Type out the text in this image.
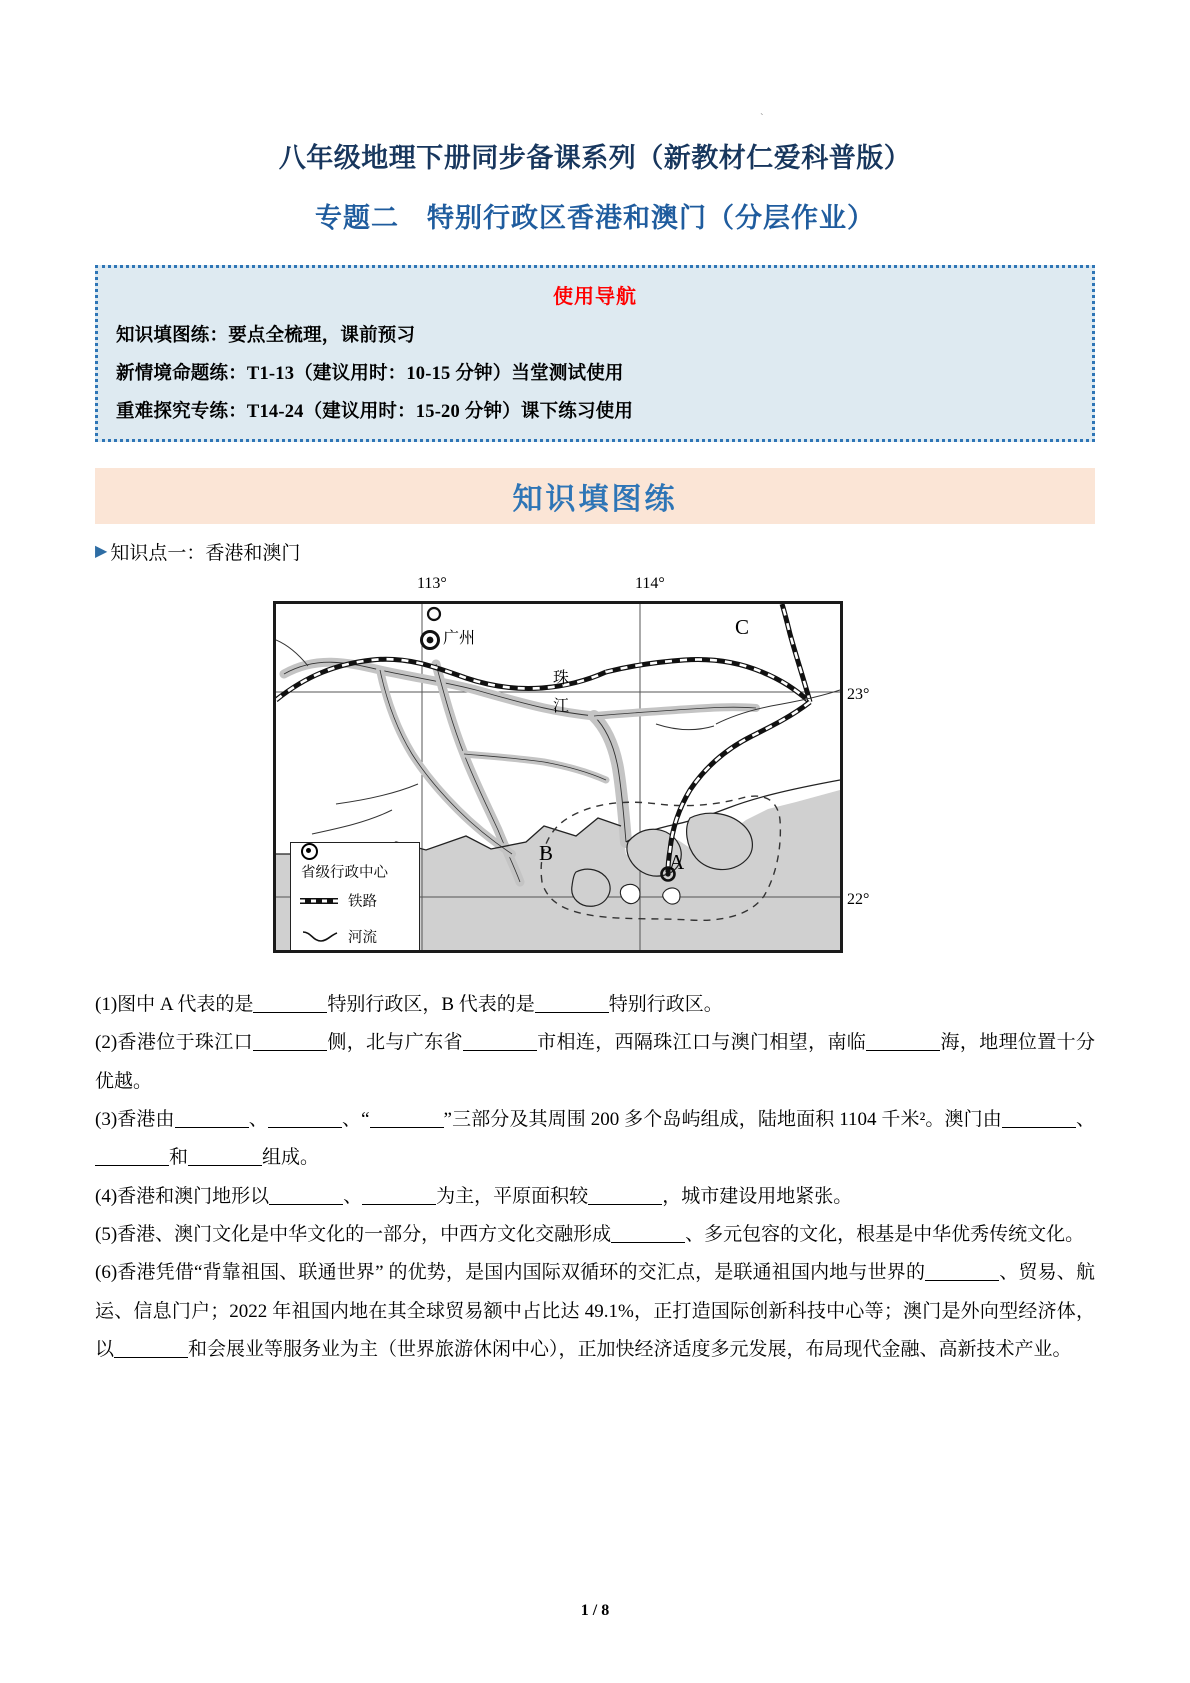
`
八年级地理下册同步备课系列（新教材仁爱科普版）
专题二　特别行政区香港和澳门（分层作业）
使用导航
知识填图练：要点全梳理，课前预习
新情境命题练：T1-13（建议用时：10-15 分钟）当堂测试使用
重难探究专练：T14-24（建议用时：15-20 分钟）课下练习使用
知识填图练
▶ 知识点一：香港和澳门
113°	114°
23°
22°
省级行政中心
铁路
河流
广州
珠
江
C
B	A

(1)图中 A 代表的是	特别行政区，B 代表的是	特别行政区。

(2)香港位于珠江口	侧，北与广东省	市相连，西隔珠江口与澳门相望，南临	海，地理位置十分优越。

(3)香港由	、	、“	”三部分及其周围 200 多个岛屿组成，陆地面积 1104 千米²。澳门由	、和	组成。

(4)香港和澳门地形以	、	为主，平原面积较	，城市建设用地紧张。

(5)香港、澳门文化是中华文化的一部分，中西方文化交融形成	、多元包容的文化，根基是中华优秀传统文化。

(6)香港凭借“背靠祖国、联通世界” 的优势，是国内国际双循环的交汇点，是联通祖国内地与世界的	、贸易、航运、信息门户；2022 年祖国内地在其全球贸易额中占比达 49.1%，正打造国际创新科技中心等；澳门是外向型经济体，以	和会展业等服务业为主（世界旅游休闲中心），正加快经济适度多元发展，布局现代金融、高新技术产业。

1 / 8
